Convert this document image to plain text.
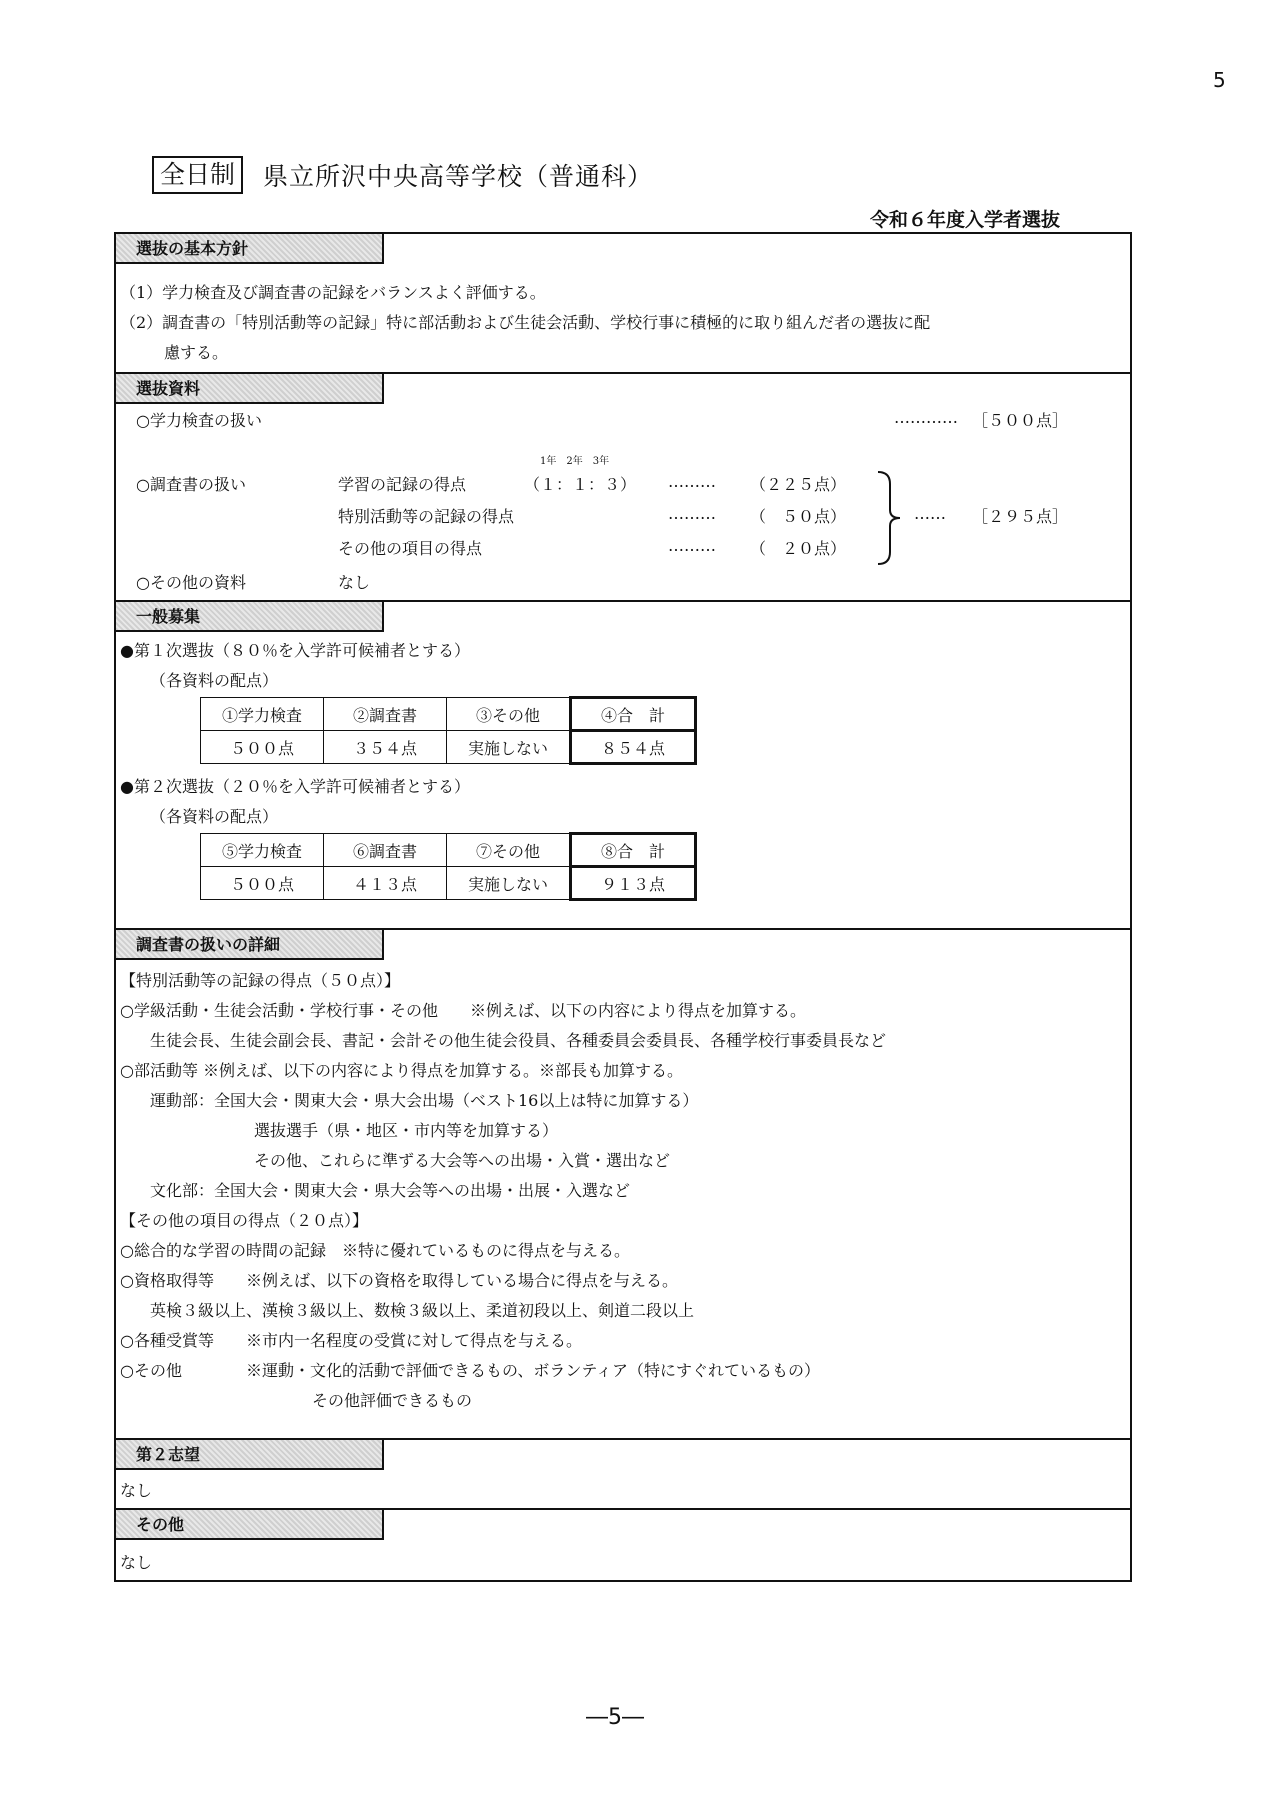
5
全日制	県立所沢中央高等学校（普通科）
令和６年度入学者選抜
選抜の基本方針
（1）学力検査及び調査書の記録をバランスよく評価する。
（2）調査書の「特別活動等の記録」特に部活動および生徒会活動、学校行事に積極的に取り組んだ者の選抜に配
慮する。
選抜資料
○学力検査の扱い	………… ［５００点］
1年　2年　3年
○調査書の扱い	学習の記録の得点	（１：１：３） ……… （２２５点）
特別活動等の記録の得点	……… （　５０点）	…… ［２９５点］
その他の項目の得点	……… （　２０点）
○その他の資料	なし
一般募集
●第１次選抜（８０％を入学許可候補者とする）
（各資料の配点）
①学力検査	②調査書	③その他	④合　計
５００点	３５４点	実施しない	８５４点
●第２次選抜（２０％を入学許可候補者とする）
（各資料の配点）
⑤学力検査	⑥調査書	⑦その他	⑧合　計
５００点	４１３点	実施しない	９１３点
調査書の扱いの詳細
【特別活動等の記録の得点（５０点）】
○学級活動・生徒会活動・学校行事・その他　　※例えば、以下の内容により得点を加算する。
生徒会長、生徒会副会長、書記・会計その他生徒会役員、各種委員会委員長、各種学校行事委員長など
○部活動等 ※例えば、以下の内容により得点を加算する。※部長も加算する。
運動部：全国大会・関東大会・県大会出場（ベスト16以上は特に加算する）
選抜選手（県・地区・市内等を加算する）
その他、これらに準ずる大会等への出場・入賞・選出など
文化部：全国大会・関東大会・県大会等への出場・出展・入選など
【その他の項目の得点（２０点）】
○総合的な学習の時間の記録　※特に優れているものに得点を与える。
○資格取得等　　※例えば、以下の資格を取得している場合に得点を与える。
英検３級以上、漢検３級以上、数検３級以上、柔道初段以上、剣道二段以上
○各種受賞等　　※市内一名程度の受賞に対して得点を与える。
○その他　　　　※運動・文化的活動で評価できるもの、ボランティア（特にすぐれているもの）
その他評価できるもの
第２志望
なし
その他
なし
―5―
